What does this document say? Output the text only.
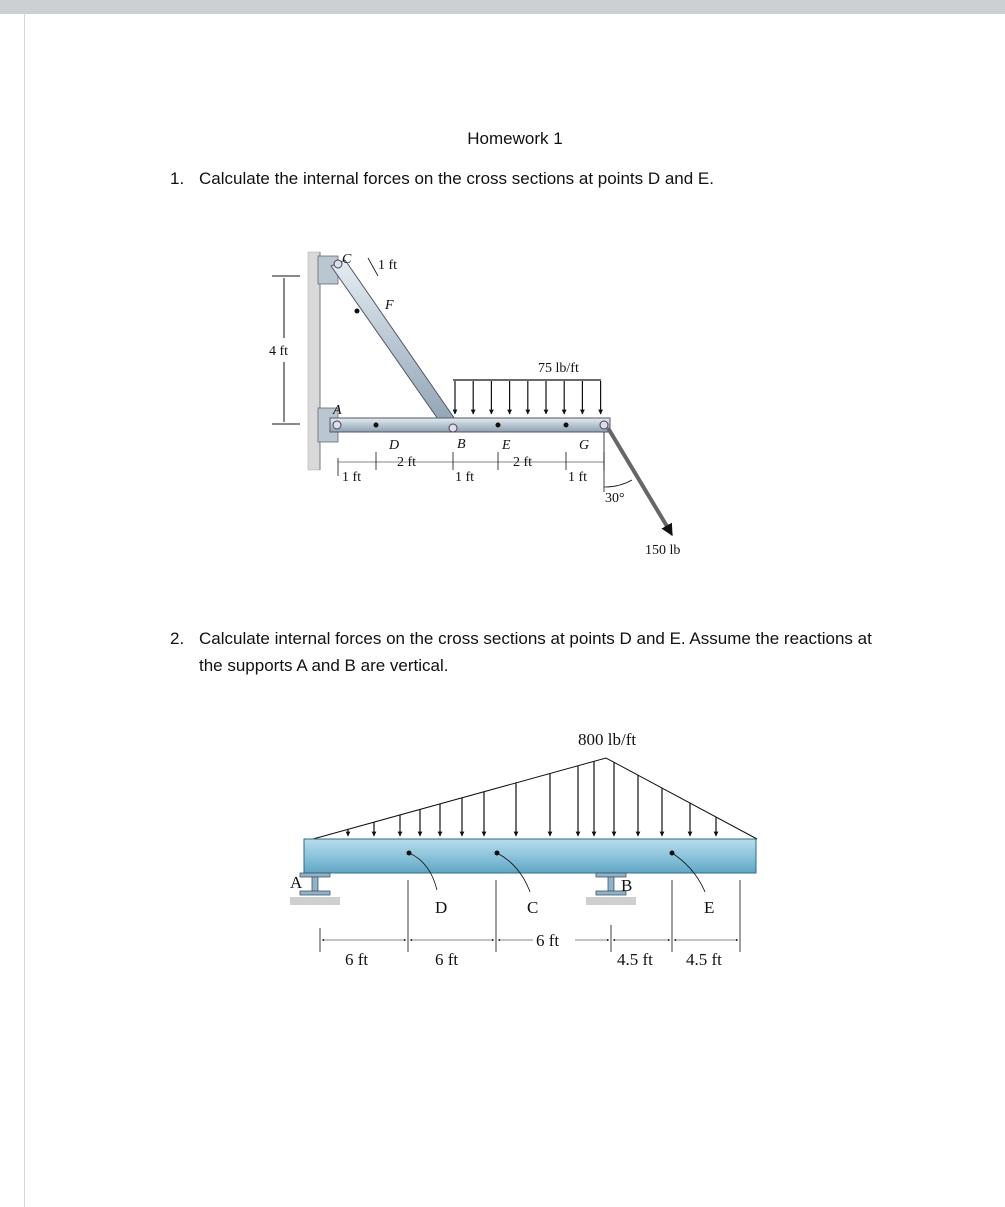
Homework 1
1. Calculate the internal forces on the cross sections at points D and E.
2. Calculate internal forces on the cross sections at points D and E. Assume the reactions at the supports A and B are vertical.
4 ft
150 lb
30°
75 lb/ft
1 ft
C
F
A
D	B	E	G
1 ft
2 ft
1 ft
2 ft
1 ft
800 lb/ft
A	B
D	C	E
6 ft	6 ft
6 ft
4.5 ft 4.5 ft
